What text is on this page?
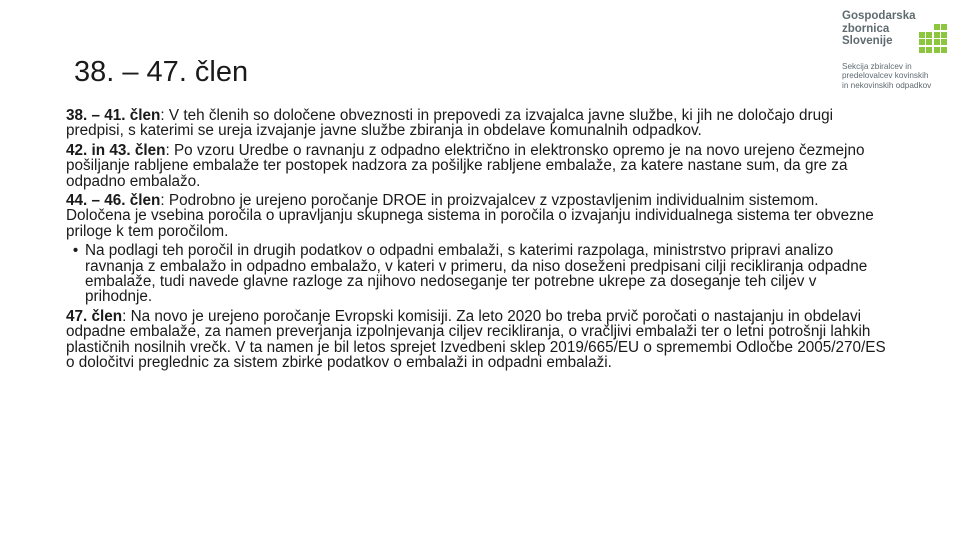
38. – 47. člen
Gospodarska
zbornica
Slovenije
Sekcija zbiralcev in
predelovalcev kovinskih
in nekovinskih odpadkov

38. – 41. člen: V teh členih so določene obveznosti in prepovedi za izvajalca javne službe, ki jih ne določajo drugi predpisi, s katerimi se ureja izvajanje javne službe zbiranja in obdelave komunalnih odpadkov.

42. in 43. člen: Po vzoru Uredbe o ravnanju z odpadno električno in elektronsko opremo je na novo urejeno čezmejno pošiljanje rabljene embalaže ter postopek nadzora za pošiljke rabljene embalaže, za katere nastane sum, da gre za odpadno embalažo.

44. – 46. člen: Podrobno je urejeno poročanje DROE in proizvajalcev z vzpostavljenim individualnim sistemom. Določena je vsebina poročila o upravljanju skupnega sistema in poročila o izvajanju individualnega sistema ter obvezne priloge k tem poročilom.

• Na podlagi teh poročil in drugih podatkov o odpadni embalaži, s katerimi razpolaga, ministrstvo pripravi analizo ravnanja z embalažo in odpadno embalažo, v kateri v primeru, da niso doseženi predpisani cilji recikliranja odpadne embalaže, tudi navede glavne razloge za njihovo nedoseganje ter potrebne ukrepe za doseganje teh ciljev v prihodnje.

47. člen: Na novo je urejeno poročanje Evropski komisiji. Za leto 2020 bo treba prvič poročati o nastajanju in obdelavi odpadne embalaže, za namen preverjanja izpolnjevanja ciljev recikliranja, o vračljivi embalaži ter o letni potrošnji lahkih plastičnih nosilnih vrečk. V ta namen je bil letos sprejet Izvedbeni sklep 2019/665/EU o spremembi Odločbe 2005/270/ES o določitvi preglednic za sistem zbirke podatkov o embalaži in odpadni embalaži.
